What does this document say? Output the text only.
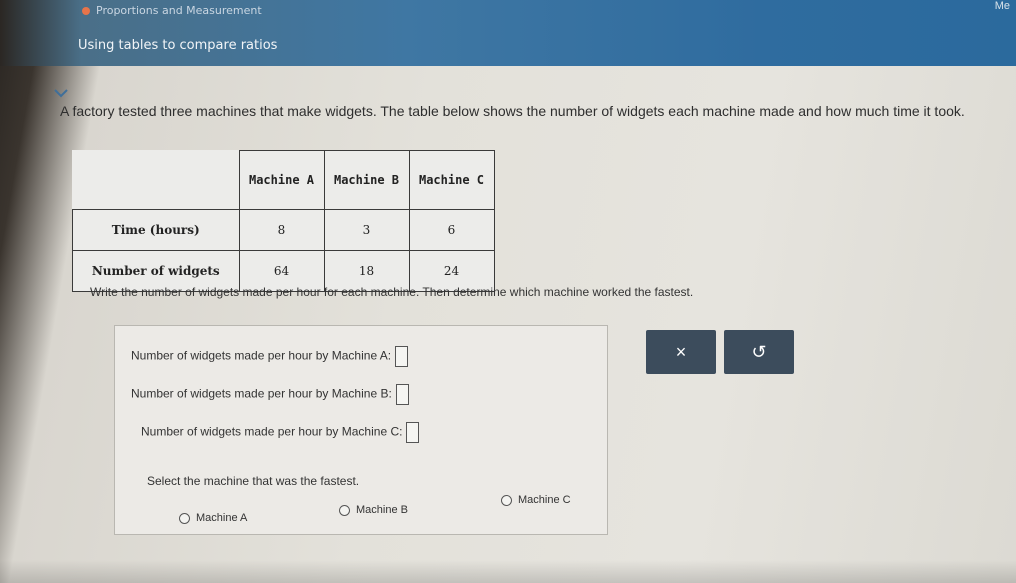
Proportions and Measurement
Using tables to compare ratios
Me
A factory tested three machines that make widgets. The table below shows the number of widgets each machine made and how much time it took.
	Machine A	Machine B	Machine C
Time (hours)	8	3	6
Number of widgets	64	18	24
Write the number of widgets made per hour for each machine. Then determine which machine worked the fastest.
Number of widgets made per hour by Machine A:
Number of widgets made per hour by Machine B:
Number of widgets made per hour by Machine C:
Select the machine that was the fastest.
Machine A
Machine B
Machine C
×	↺
